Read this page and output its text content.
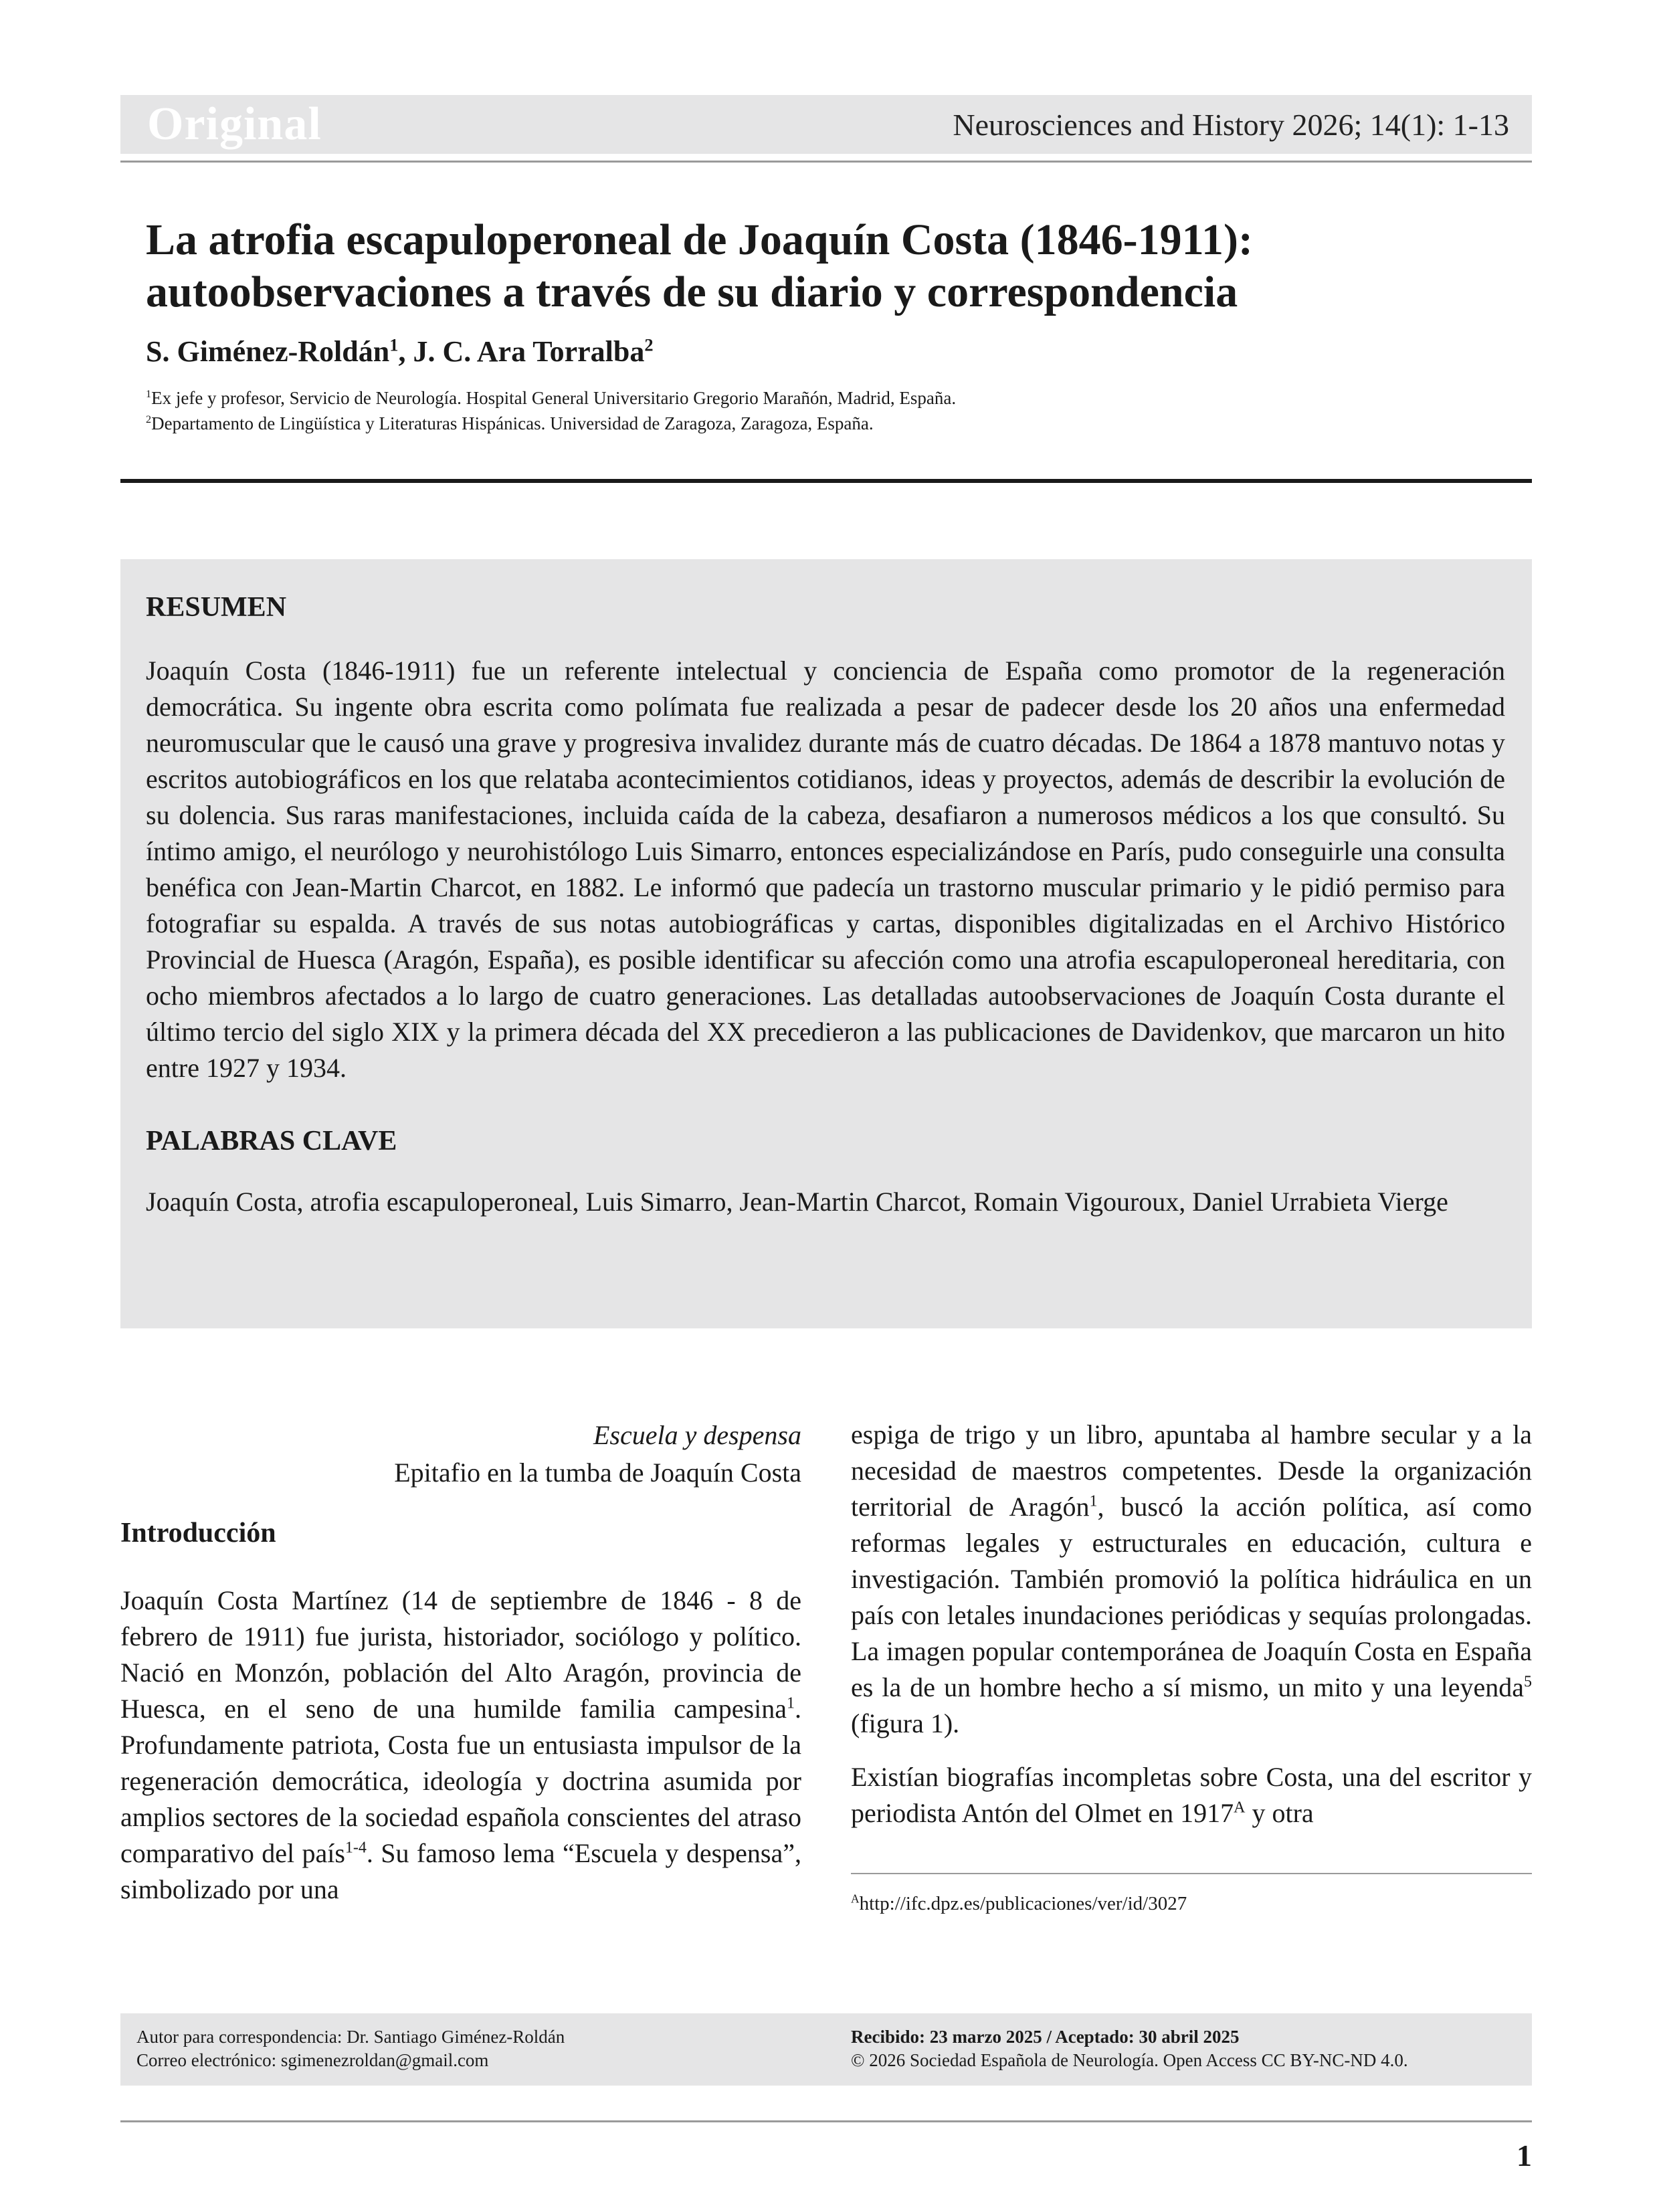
Original	Neurosciences and History 2026; 14(1): 1-13
La atrofia escapuloperoneal de Joaquín Costa (1846-1911):
autoobservaciones a través de su diario y correspondencia
S. Giménez-Roldán$^1$, J. C. Ara Torralba$^2$
$^1$Ex jefe y profesor, Servicio de Neurología. Hospital General Universitario Gregorio Marañón, Madrid, España.
$^2$Departamento de Lingüística y Literaturas Hispánicas. Universidad de Zaragoza, Zaragoza, España.
RESUMEN

Joaquín Costa (1846-1911) fue un referente intelectual y conciencia de España como promotor de la regeneración democrática. Su ingente obra escrita como polímata fue realizada a pesar de padecer desde los 20 años una enfermedad neuromuscular que le causó una grave y progresiva invalidez durante más de cuatro décadas. De 1864 a 1878 mantuvo notas y escritos autobiográficos en los que relataba acontecimientos cotidianos, ideas y proyectos, además de describir la evolución de su dolencia. Sus raras manifestaciones, incluida caída de la cabeza, desafiaron a numerosos médicos a los que consultó. Su íntimo amigo, el neurólogo y neurohistólogo Luis Simarro, entonces especializándose en París, pudo conseguirle una consulta benéfica con Jean-Martin Charcot, en 1882. Le informó que padecía un trastorno muscular primario y le pidió permiso para fotografiar su espalda. A través de sus notas autobiográficas y cartas, disponibles digitalizadas en el Archivo Histórico Provincial de Huesca (Aragón, España), es posible identificar su afección como una atrofia escapuloperoneal hereditaria, con ocho miembros afectados a lo largo de cuatro generaciones. Las detalladas autoobservaciones de Joaquín Costa durante el último tercio del siglo XIX y la primera década del XX precedieron a las publicaciones de Davidenkov, que marcaron un hito entre 1927 y 1934.

PALABRAS CLAVE

Joaquín Costa, atrofia escapuloperoneal, Luis Simarro, Jean-Martin Charcot, Romain Vigouroux, Daniel Urrabieta Vierge

Escuela y despensa
Epitafio en la tumba de Joaquín Costa
Introducción

Joaquín Costa Martínez (14 de septiembre de 1846 - 8 de febrero de 1911) fue jurista, historiador, sociólogo y político. Nació en Monzón, población del Alto Aragón, provincia de Huesca, en el seno de una humilde familia campesina$^1$. Profundamente patriota, Costa fue un entusiasta impulsor de la regeneración democrática, ideología y doctrina asumida por amplios sectores de la sociedad española conscientes del atraso comparativo del país$^{1-4}$. Su famoso lema “Escuela y despensa”, simbolizado por una

espiga de trigo y un libro, apuntaba al hambre secular y a la necesidad de maestros competentes. Desde la organización territorial de Aragón$^1$, buscó la acción política, así como reformas legales y estructurales en educación, cultura e investigación. También promovió la política hidráulica en un país con letales inundaciones periódicas y sequías prolongadas. La imagen popular contemporánea de Joaquín Costa en España es la de un hombre hecho a sí mismo, un mito y una leyenda$^5$ (figura 1).

Existían biografías incompletas sobre Costa, una del escritor y periodista Antón del Olmet en $1917^A$ y otra

$^A$http://ifc.dpz.es/publicaciones/ver/id/3027
Autor para correspondencia: Dr. Santiago Giménez-Roldán
Correo electrónico: sgimenezroldan@gmail.com
Recibido: 23 marzo 2025 / Aceptado: 30 abril 2025
© 2026 Sociedad Española de Neurología. Open Access CC BY-NC-ND 4.0.
1
